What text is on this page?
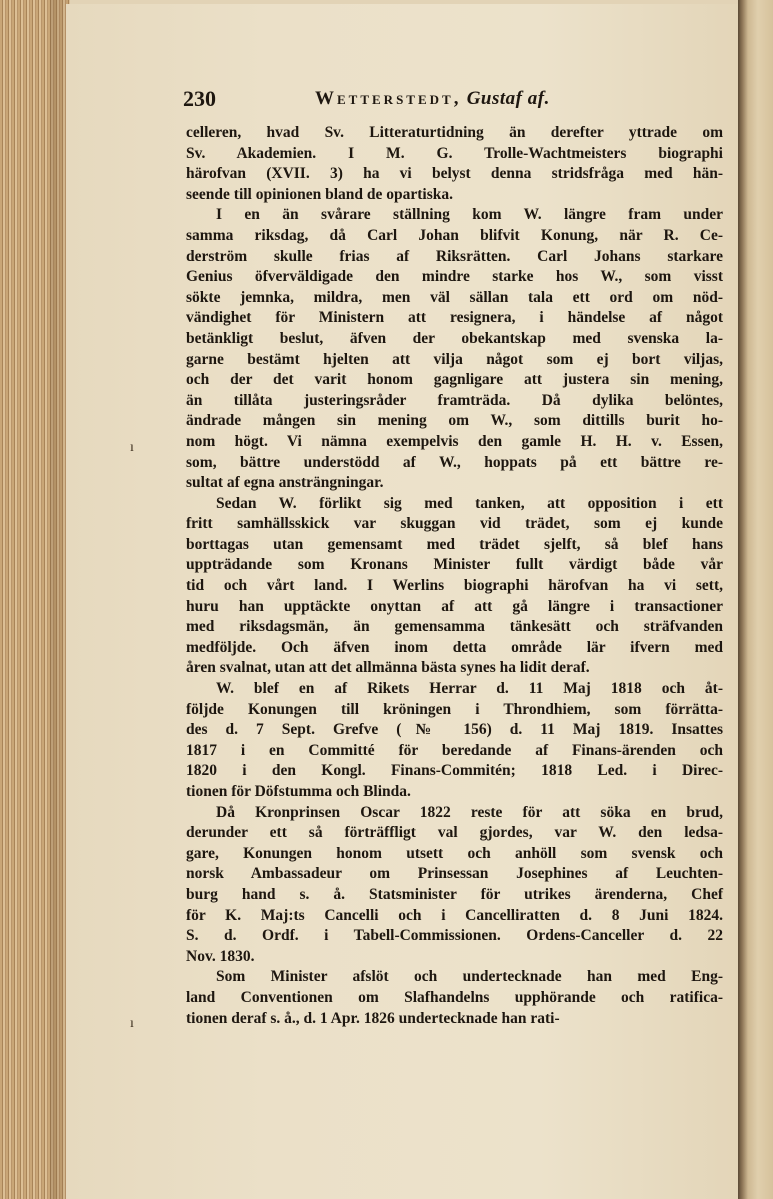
230	Wetterstedt, Gustaf af.
ı
ı
celleren, hvad Sv. Litteraturtidning än derefter yttrade om
Sv. Akademien. I M. G. Trolle-Wachtmeisters biographi
härofvan (XVII. 3) ha vi belyst denna stridsfråga med hän-
seende till opinionen bland de opartiska.
I en än svårare ställning kom W. längre fram under
samma riksdag, då Carl Johan blifvit Konung, när R. Ce-
derström skulle frias af Riksrätten. Carl Johans starkare
Genius öfverväldigade den mindre starke hos W., som visst
sökte jemnka, mildra, men väl sällan tala ett ord om nöd-
vändighet för Ministern att resignera, i händelse af något
betänkligt beslut, äfven der obekantskap med svenska la-
garne bestämt hjelten att vilja något som ej bort viljas,
och der det varit honom gagnligare att justera sin mening,
än tillåta justeringsråder framträda. Då dylika belöntes,
ändrade mången sin mening om W., som dittills burit ho-
nom högt. Vi nämna exempelvis den gamle H. H. v. Essen,
som, bättre understödd af W., hoppats på ett bättre re-
sultat af egna ansträngningar.
Sedan W. förlikt sig med tanken, att opposition i ett
fritt samhällsskick var skuggan vid trädet, som ej kunde
borttagas utan gemensamt med trädet sjelft, så blef hans
uppträdande som Kronans Minister fullt värdigt både vår
tid och vårt land. I Werlins biographi härofvan ha vi sett,
huru han upptäckte onyttan af att gå längre i transactioner
med riksdagsmän, än gemensamma tänkesätt och sträfvanden
medföljde. Och äfven inom detta område lär ifvern med
åren svalnat, utan att det allmänna bästa synes ha lidit deraf.
W. blef en af Rikets Herrar d. 11 Maj 1818 och åt-
följde Konungen till kröningen i Throndhiem, som förrätta-
des d. 7 Sept. Grefve (№ 156) d. 11 Maj 1819. Insattes
1817 i en Committé för beredande af Finans-ärenden och
1820 i den Kongl. Finans-Commitén; 1818 Led. i Direc-
tionen för Döfstumma och Blinda.
Då Kronprinsen Oscar 1822 reste för att söka en brud,
derunder ett så förträffligt val gjordes, var W. den ledsa-
gare, Konungen honom utsett och anhöll som svensk och
norsk Ambassadeur om Prinsessan Josephines af Leuchten-
burg hand s. å. Statsminister för utrikes ärenderna, Chef
för K. Maj:ts Cancelli och i Cancelliratten d. 8 Juni 1824.
S. d. Ordf. i Tabell-Commissionen. Ordens-Canceller d. 22
Nov. 1830.
Som Minister afslöt och undertecknade han med Eng-
land Conventionen om Slafhandelns upphörande och ratifica-
tionen deraf s. å., d. 1 Apr. 1826 undertecknade han rati-
